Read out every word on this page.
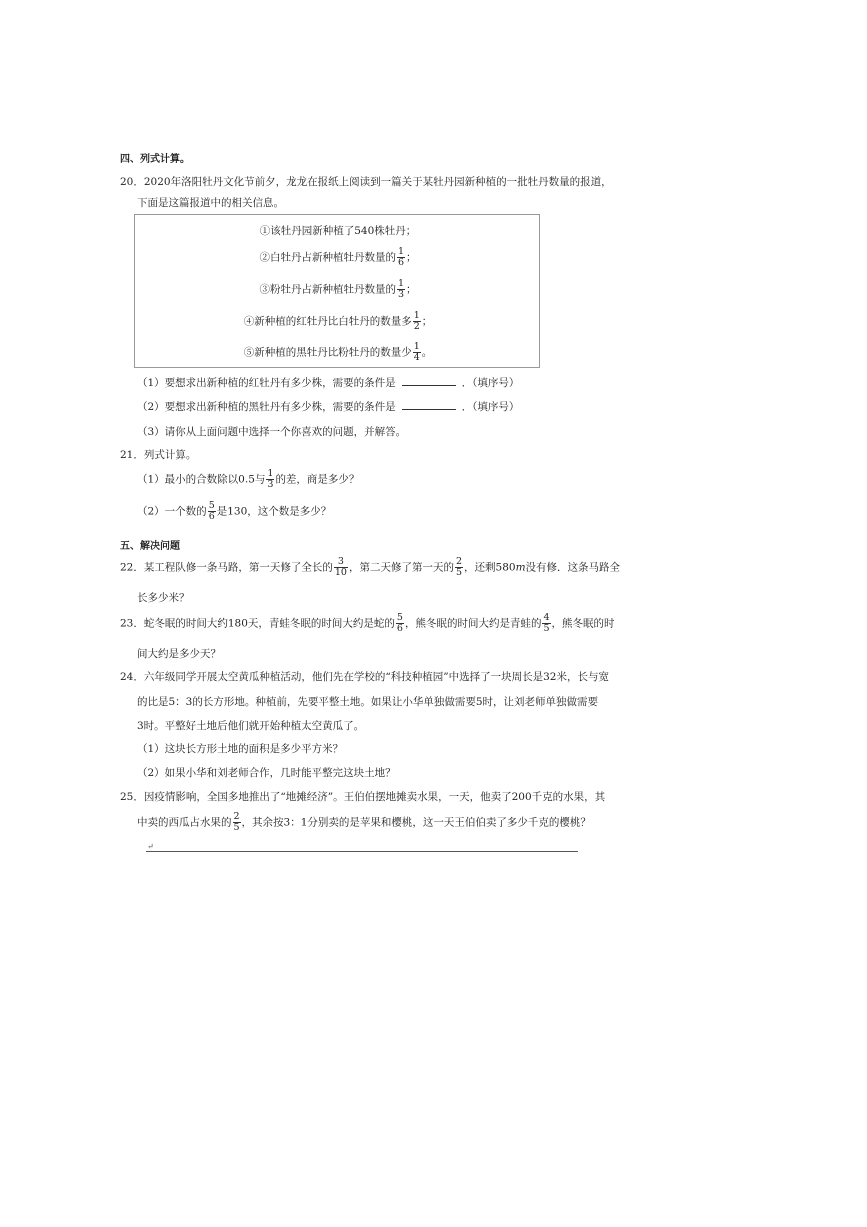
四、列式计算。
20．2020年洛阳牡丹文化节前夕，龙龙在报纸上阅读到一篇关于某牡丹园新种植的一批牡丹数量的报道，
下面是这篇报道中的相关信息。
①该牡丹园新种植了540株牡丹；
②白牡丹占新种植牡丹数量的 $\frac{1}{6}$ ；
③粉牡丹占新种植牡丹数量的 $\frac{1}{3}$ ；
④新种植的红牡丹比白牡丹的数量多 $\frac{1}{2}$ ；
⑤新种植的黑牡丹比粉牡丹的数量少 $\frac{1}{4}$ 。
（1）要想求出新种植的红牡丹有多少株，需要的条件是	．（填序号）
（2）要想求出新种植的黑牡丹有多少株，需要的条件是	．（填序号）
（3）请你从上面问题中选择一个你喜欢的问题，并解答。
21．列式计算。
（1）最小的合数除以0.5与 $\frac{1}{3}$ 的差，商是多少？
（2）一个数的 $\frac{5}{6}$ 是130，这个数是多少？
五、解决问题
22．某工程队修一条马路，第一天修了全长的 $\frac{3}{10}$ ，第二天修了第一天的 $\frac{2}{5}$ ，还剩580m没有修．这条马路全
长多少米？
23．蛇冬眠的时间大约180天，青蛙冬眠的时间大约是蛇的 $\frac{5}{6}$ ，熊冬眠的时间大约是青蛙的 $\frac{4}{5}$ ，熊冬眠的时
间大约是多少天？
24．六年级同学开展太空黄瓜种植活动，他们先在学校的“科技种植园”中选择了一块周长是32米，长与宽
的比是5：3的长方形地。种植前，先要平整土地。如果让小华单独做需要5时，让刘老师单独做需要
3时。平整好土地后他们就开始种植太空黄瓜了。
（1）这块长方形土地的面积是多少平方米？
（2）如果小华和刘老师合作，几时能平整完这块土地？
25．因疫情影响，全国多地推出了“地摊经济”。王伯伯摆地摊卖水果，一天，他卖了200千克的水果，其
中卖的西瓜占水果的 $\frac{2}{5}$ ，其余按3：1分别卖的是苹果和樱桃，这一天王伯伯卖了多少千克的樱桃？
↵
